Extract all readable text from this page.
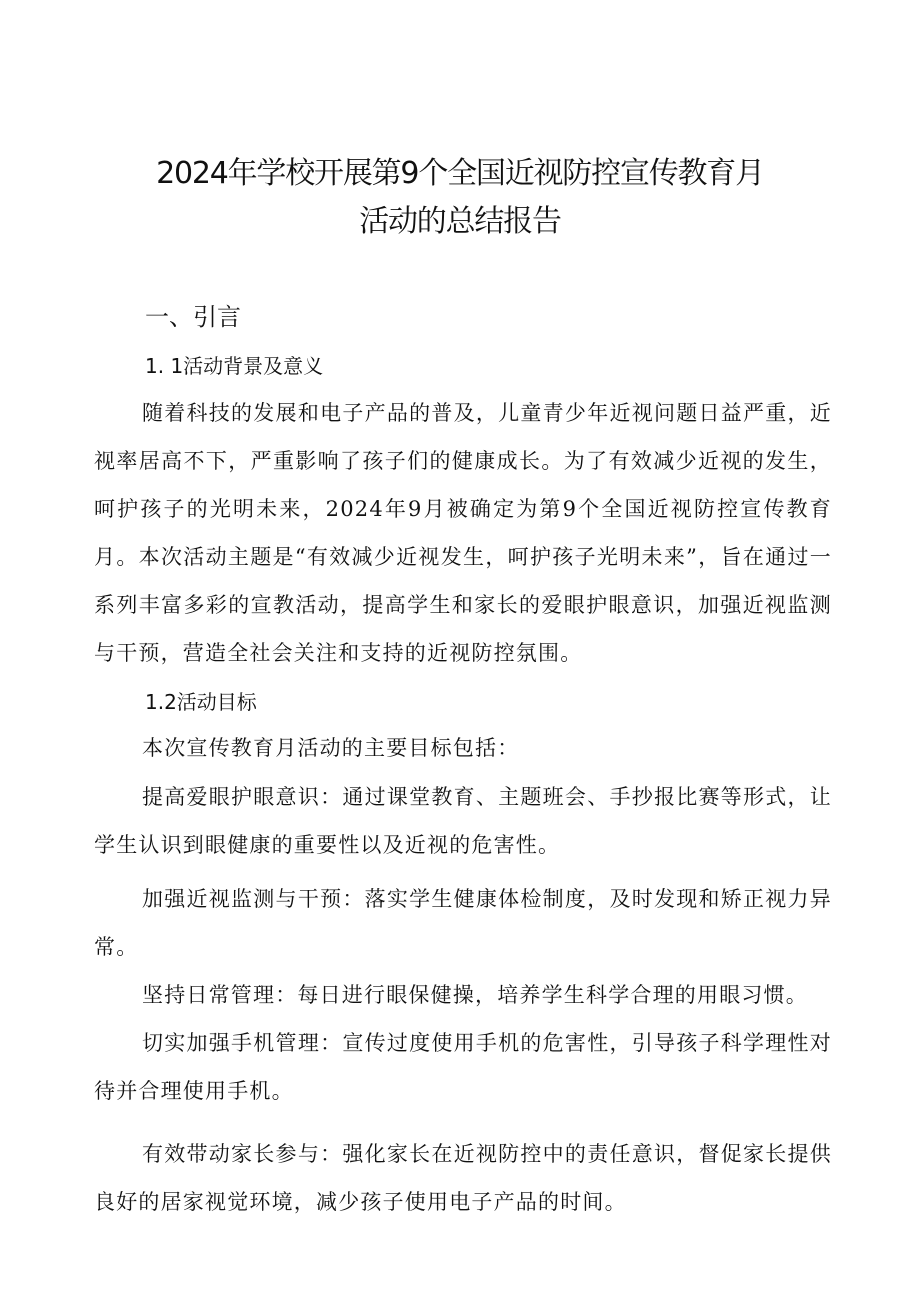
2024年学校开展第9个全国近视防控宣传教育月
活动的总结报告
一、引言
1. 1活动背景及意义

随着科技的发展和电子产品的普及，儿童青少年近视问题日益严重，近视率居高不下，严重影响了孩子们的健康成长。为了有效减少近视的发生，呵护孩子的光明未来，2024年9月被确定为第9个全国近视防控宣传教育月。本次活动主题是“有效减少近视发生，呵护孩子光明未来”，旨在通过一系列丰富多彩的宣教活动，提高学生和家长的爱眼护眼意识，加强近视监测与干预，营造全社会关注和支持的近视防控氛围。

1.2活动目标

本次宣传教育月活动的主要目标包括：

提高爱眼护眼意识：通过课堂教育、主题班会、手抄报比赛等形式，让学生认识到眼健康的重要性以及近视的危害性。

加强近视监测与干预：落实学生健康体检制度，及时发现和矫正视力异常。

坚持日常管理：每日进行眼保健操，培养学生科学合理的用眼习惯。

切实加强手机管理：宣传过度使用手机的危害性，引导孩子科学理性对待并合理使用手机。

有效带动家长参与：强化家长在近视防控中的责任意识，督促家长提供良好的居家视觉环境，减少孩子使用电子产品的时间。
